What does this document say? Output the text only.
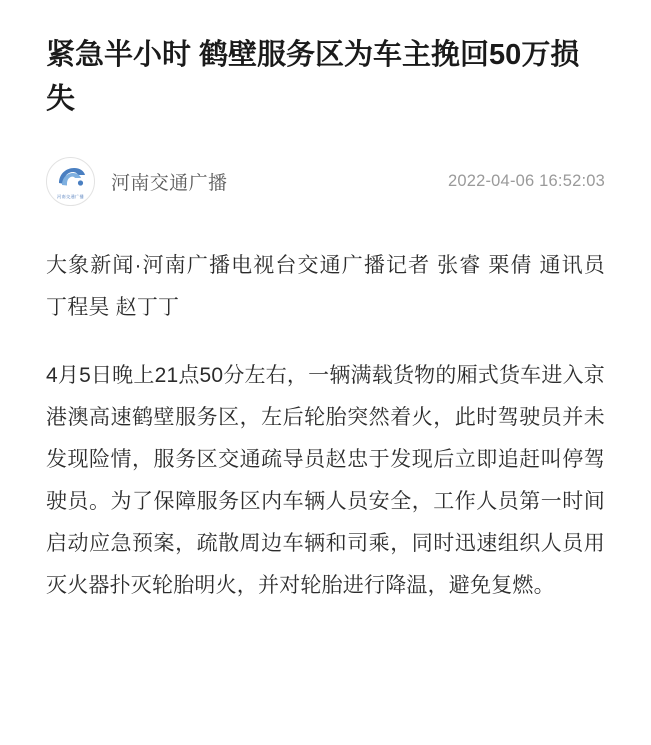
紧急半小时 鹤壁服务区为车主挽回50万损失
河南交通广播
河南交通广播	2022-04-06 16:52:03

大象新闻·河南广播电视台交通广播记者 张睿 栗倩 通讯员 丁程昊 赵丁丁

4月5日晚上21点50分左右，一辆满载货物的厢式货车进入京港澳高速鹤壁服务区，左后轮胎突然着火，此时驾驶员并未发现险情，服务区交通疏导员赵忠于发现后立即追赶叫停驾驶员。为了保障服务区内车辆人员安全，工作人员第一时间启动应急预案，疏散周边车辆和司乘，同时迅速组织人员用灭火器扑灭轮胎明火，并对轮胎进行降温，避免复燃。
